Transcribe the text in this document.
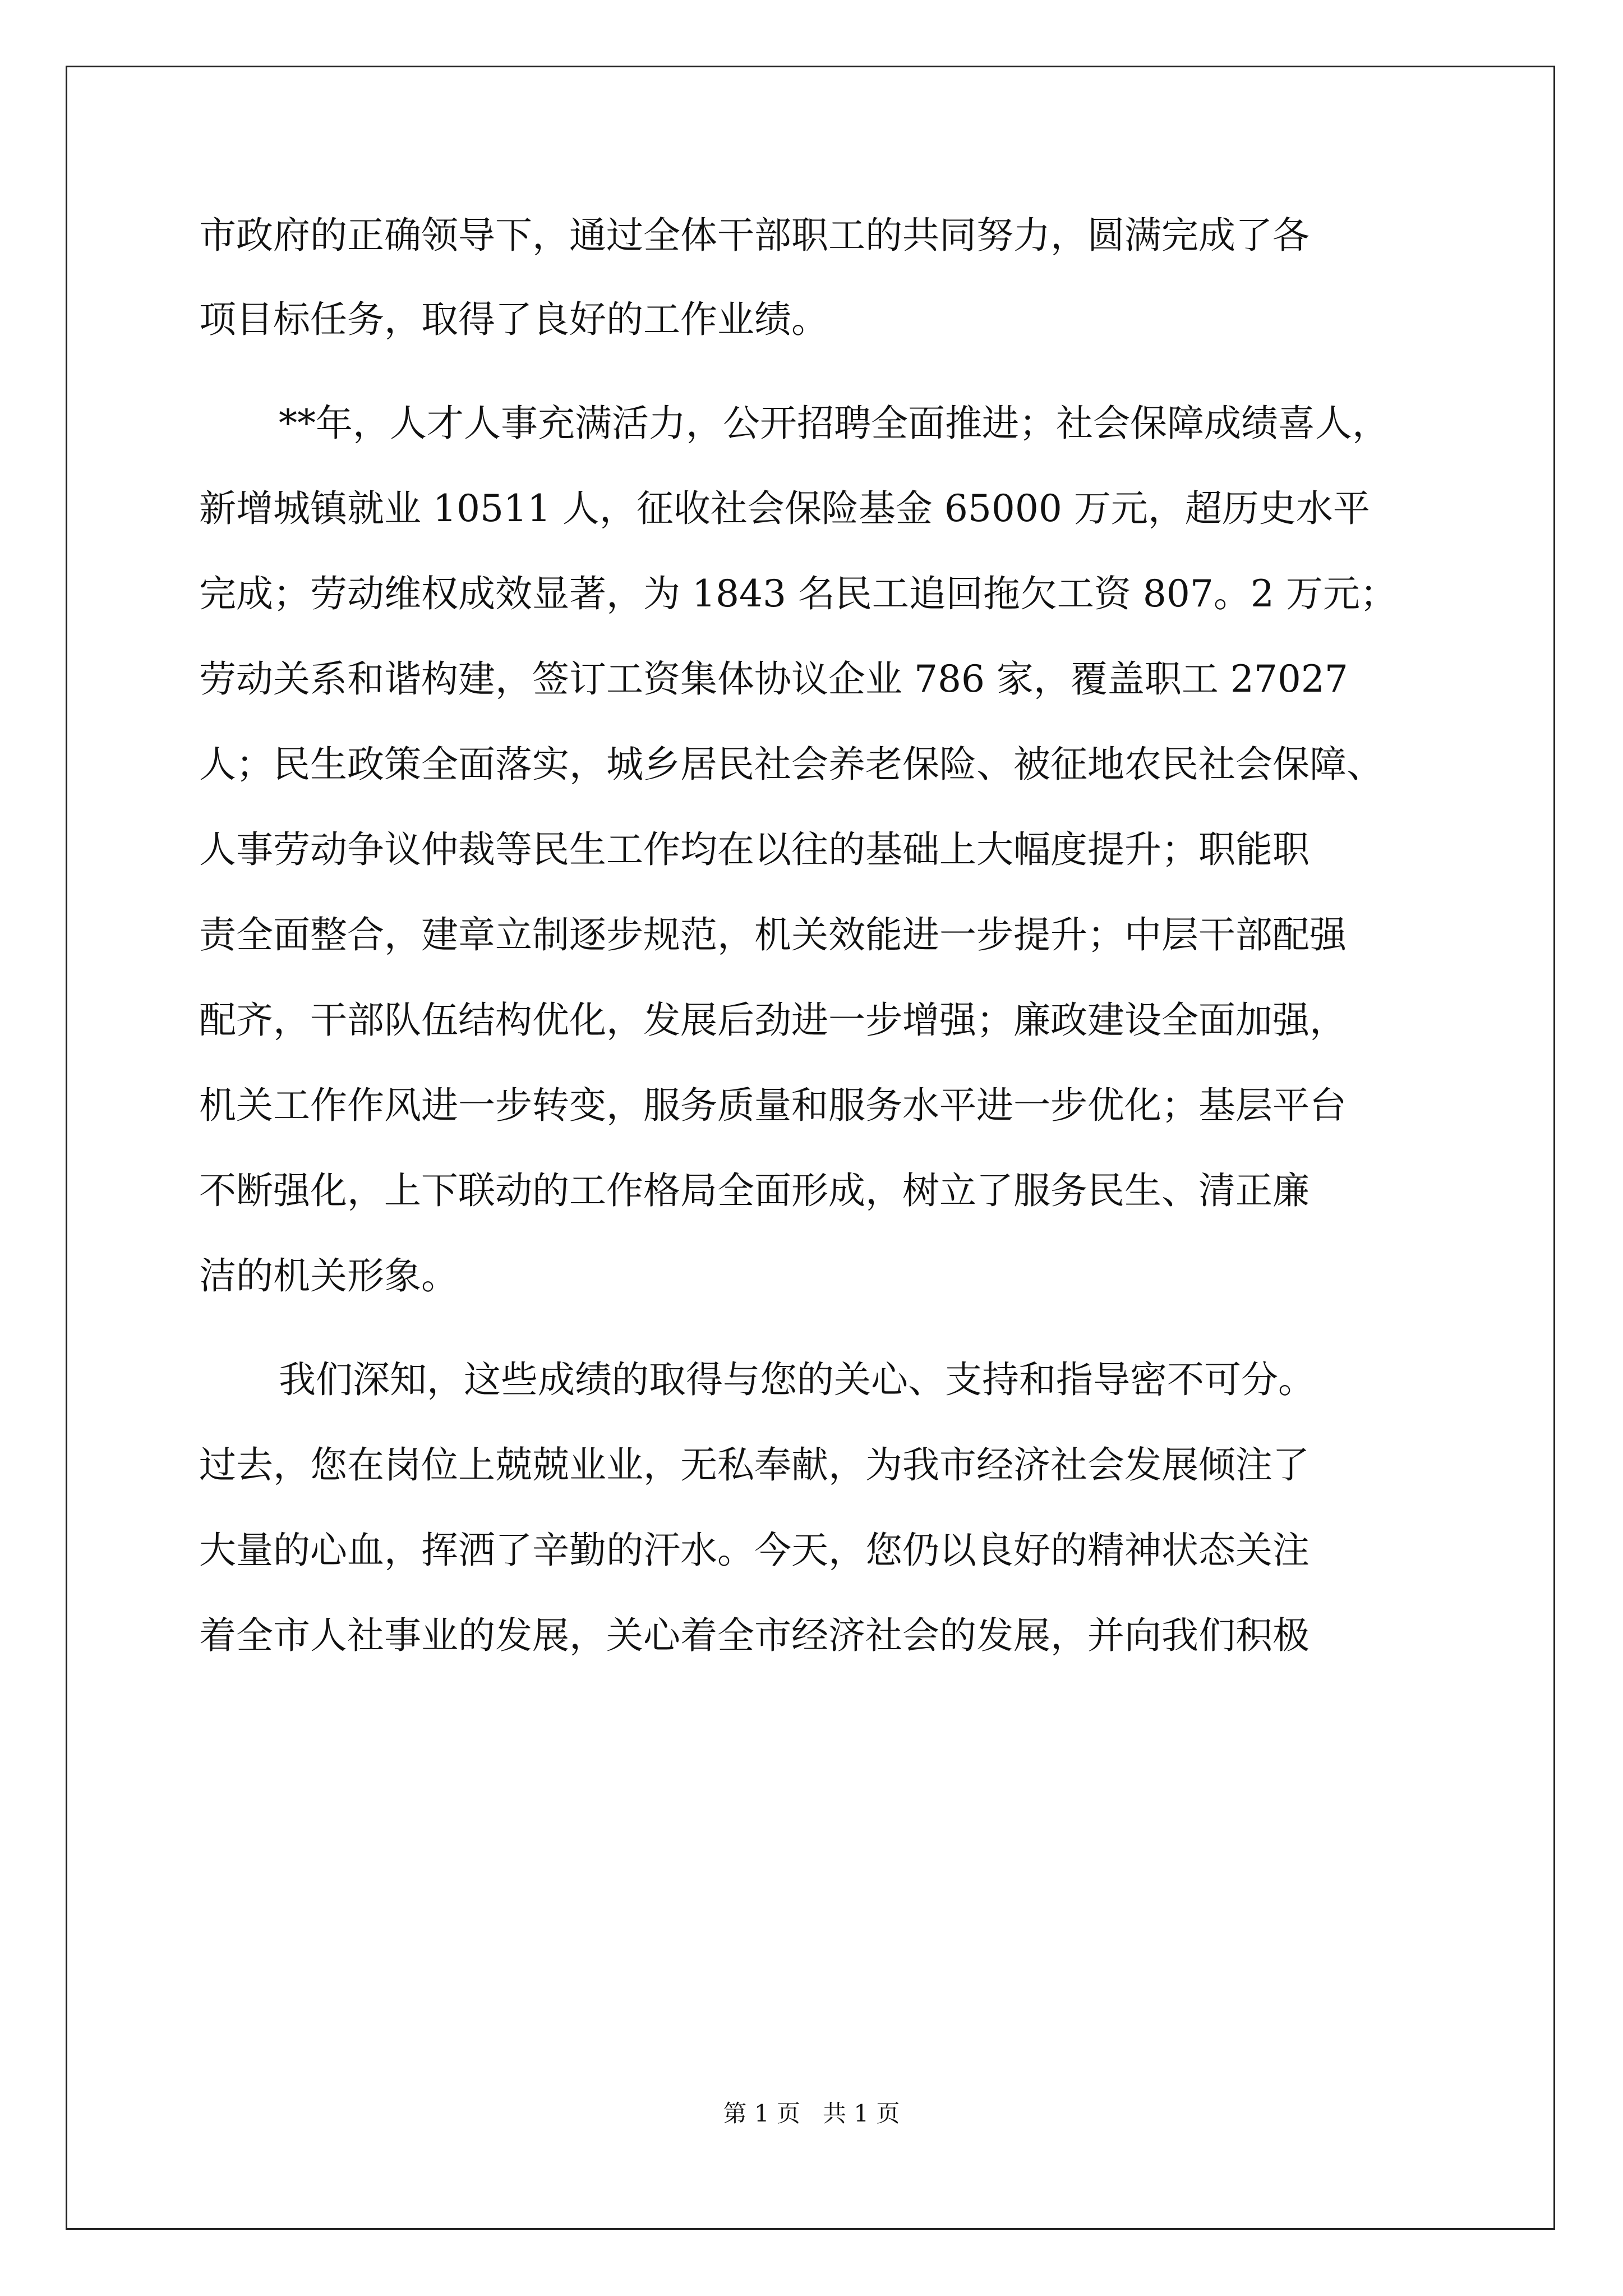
市政府的正确领导下，通过全体干部职工的共同努力，圆满完成了各
项目标任务，取得了良好的工作业绩。
**年，人才人事充满活力，公开招聘全面推进；社会保障成绩喜人，
新增城镇就业 10511 人，征收社会保险基金 65000 万元，超历史水平
完成；劳动维权成效显著，为 1843 名民工追回拖欠工资 807。2 万元；
劳动关系和谐构建，签订工资集体协议企业 786 家，覆盖职工 27027
人；民生政策全面落实，城乡居民社会养老保险、被征地农民社会保障、
人事劳动争议仲裁等民生工作均在以往的基础上大幅度提升；职能职
责全面整合，建章立制逐步规范，机关效能进一步提升；中层干部配强
配齐，干部队伍结构优化，发展后劲进一步增强；廉政建设全面加强，
机关工作作风进一步转变，服务质量和服务水平进一步优化；基层平台
不断强化，上下联动的工作格局全面形成，树立了服务民生、清正廉
洁的机关形象。
我们深知，这些成绩的取得与您的关心、支持和指导密不可分。
过去，您在岗位上兢兢业业，无私奉献，为我市经济社会发展倾注了
大量的心血，挥洒了辛勤的汗水。今天，您仍以良好的精神状态关注
着全市人社事业的发展，关心着全市经济社会的发展，并向我们积极
第 1 页   共 1 页
